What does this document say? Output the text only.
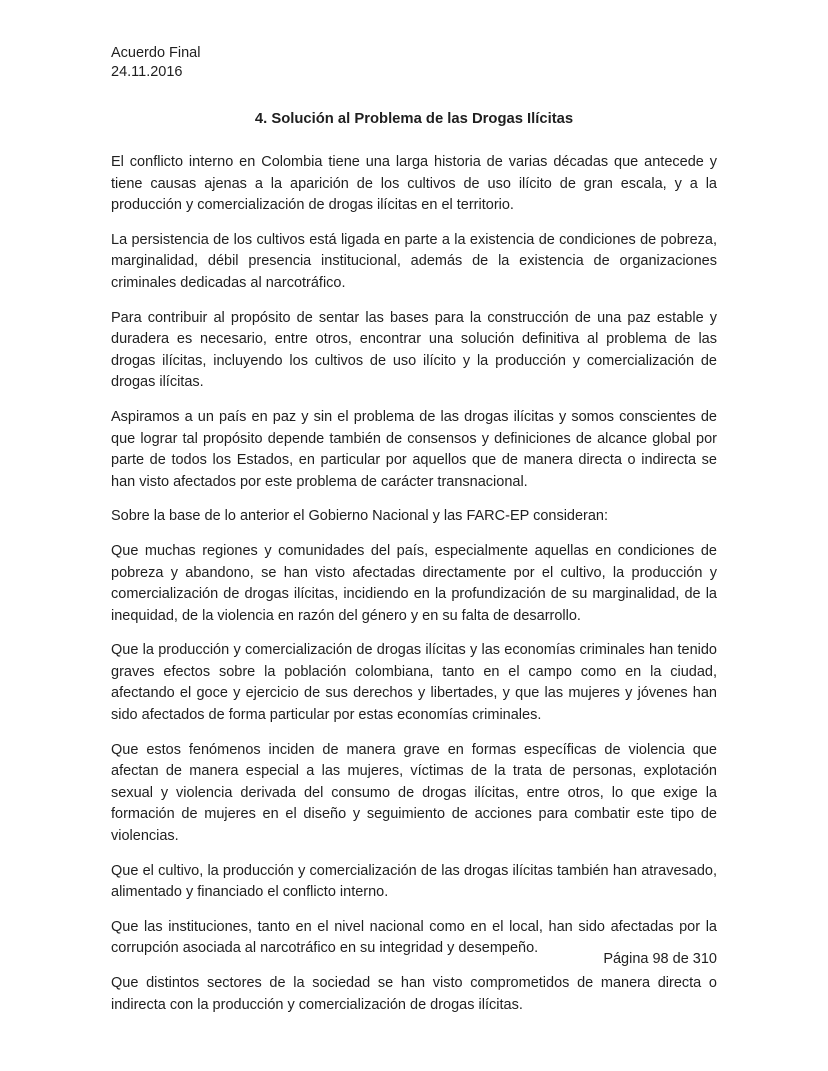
Acuerdo Final
24.11.2016
4. Solución al Problema de las Drogas Ilícitas

El conflicto interno en Colombia tiene una larga historia de varias décadas que antecede y tiene causas ajenas a la aparición de los cultivos de uso ilícito de gran escala, y a la producción y comercialización de drogas ilícitas en el territorio.

La persistencia de los cultivos está ligada en parte a la existencia de condiciones de pobreza, marginalidad, débil presencia institucional, además de la existencia de organizaciones criminales dedicadas al narcotráfico.

Para contribuir al propósito de sentar las bases para la construcción de una paz estable y duradera es necesario, entre otros, encontrar una solución definitiva al problema de las drogas ilícitas, incluyendo los cultivos de uso ilícito y la producción y comercialización de drogas ilícitas.

Aspiramos a un país en paz y sin el problema de las drogas ilícitas y somos conscientes de que lograr tal propósito depende también de consensos y definiciones de alcance global por parte de todos los Estados, en particular por aquellos que de manera directa o indirecta se han visto afectados por este problema de carácter transnacional.

Sobre la base de lo anterior el Gobierno Nacional y las FARC-EP consideran:

Que muchas regiones y comunidades del país, especialmente aquellas en condiciones de pobreza y abandono, se han visto afectadas directamente por el cultivo, la producción y comercialización de drogas ilícitas, incidiendo en la profundización de su marginalidad, de la inequidad, de la violencia en razón del género y en su falta de desarrollo.

Que la producción y comercialización de drogas ilícitas y las economías criminales han tenido graves efectos sobre la población colombiana, tanto en el campo como en la ciudad, afectando el goce y ejercicio de sus derechos y libertades, y que las mujeres y jóvenes han sido afectados de forma particular por estas economías criminales.

Que estos fenómenos inciden de manera grave en formas específicas de violencia que afectan de manera especial a las mujeres, víctimas de la trata de personas, explotación sexual y violencia derivada del consumo de drogas ilícitas, entre otros, lo que exige la formación de mujeres en el diseño y seguimiento de acciones para combatir este tipo de violencias.

Que el cultivo, la producción y comercialización de las drogas ilícitas también han atravesado, alimentado y financiado el conflicto interno.

Que las instituciones, tanto en el nivel nacional como en el local, han sido afectadas por la corrupción asociada al narcotráfico en su integridad y desempeño.

Que distintos sectores de la sociedad se han visto comprometidos de manera directa o indirecta con la producción y comercialización de drogas ilícitas.

Página 98 de 310
